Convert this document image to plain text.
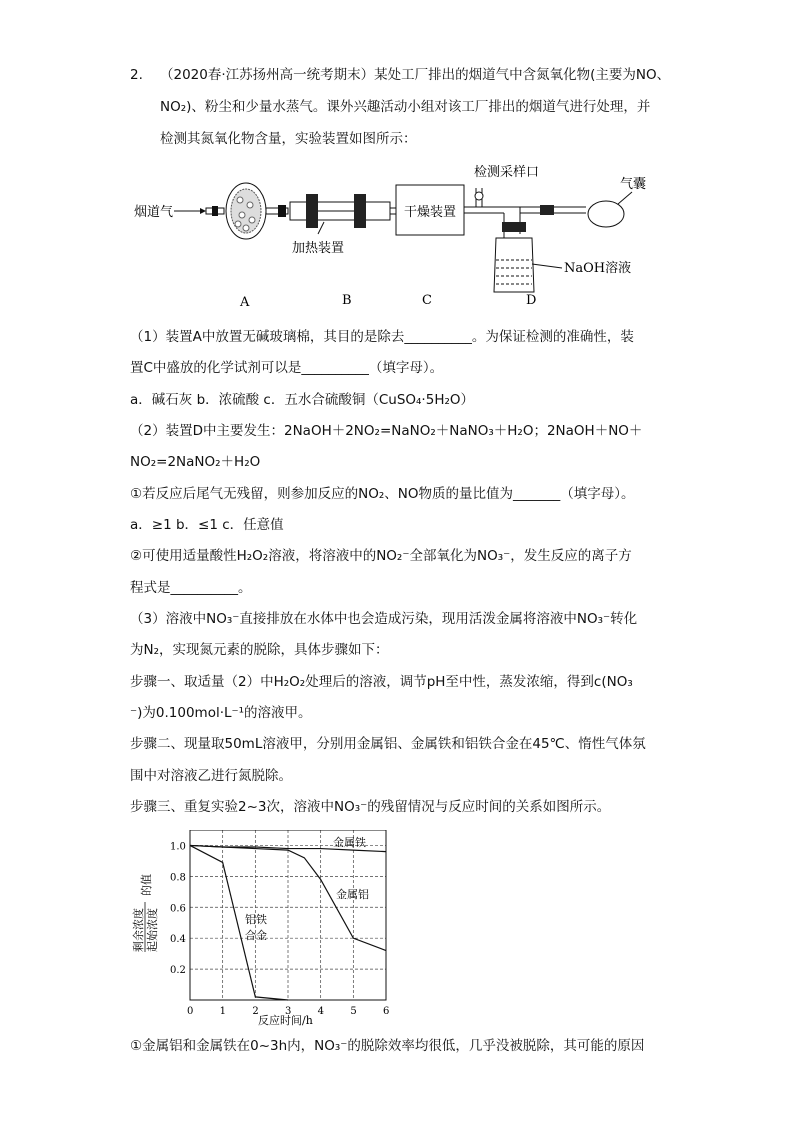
2. （2020春·江苏扬州高一统考期末）某处工厂排出的烟道气中含氮氧化物(主要为NO、
NO₂)、粉尘和少量水蒸气。课外兴趣活动小组对该工厂排出的烟道气进行处理，并
检测其氮氧化物含量，实验装置如图所示：
烟道气
加热装置
干燥装置
检测采样口
NaOH溶液
气囊
A	B	C	D
（1）装置A中放置无碱玻璃棉，其目的是除去__________。为保证检测的准确性，装
置C中盛放的化学试剂可以是__________（填字母）。
a．碱石灰 b．浓硫酸 c．五水合硫酸铜（CuSO₄·5H₂O）
（2）装置D中主要发生：2NaOH＋2NO₂=NaNO₂＋NaNO₃＋H₂O；2NaOH＋NO＋
NO₂=2NaNO₂＋H₂O
①若反应后尾气无残留，则参加反应的NO₂、NO物质的量比值为_______（填字母）。
a．≥1 b．≤1 c．任意值
②可使用适量酸性H₂O₂溶液，将溶液中的NO₂⁻全部氧化为NO₃⁻，发生反应的离子方
程式是__________。
（3）溶液中NO₃⁻直接排放在水体中也会造成污染，现用活泼金属将溶液中NO₃⁻转化
为N₂，实现氮元素的脱除，具体步骤如下：
步骤一、取适量（2）中H₂O₂处理后的溶液，调节pH至中性，蒸发浓缩，得到c(NO₃
⁻)为0.100mol·L⁻¹的溶液甲。
步骤二、现量取50mL溶液甲，分别用金属铝、金属铁和铝铁合金在45℃、惰性气体氛
围中对溶液乙进行氮脱除。
步骤三、重复实验2~3次，溶液中NO₃⁻的残留情况与反应时间的关系如图所示。
0	1	2	3	4	5	6
1.0
0.8
0.6
0.4
0.2
剩余浓度 起始浓度
的值
反应时间/h
金属铁
金属铝
铝铁
合金
①金属铝和金属铁在0~3h内，NO₃⁻的脱除效率均很低，几乎没被脱除，其可能的原因
